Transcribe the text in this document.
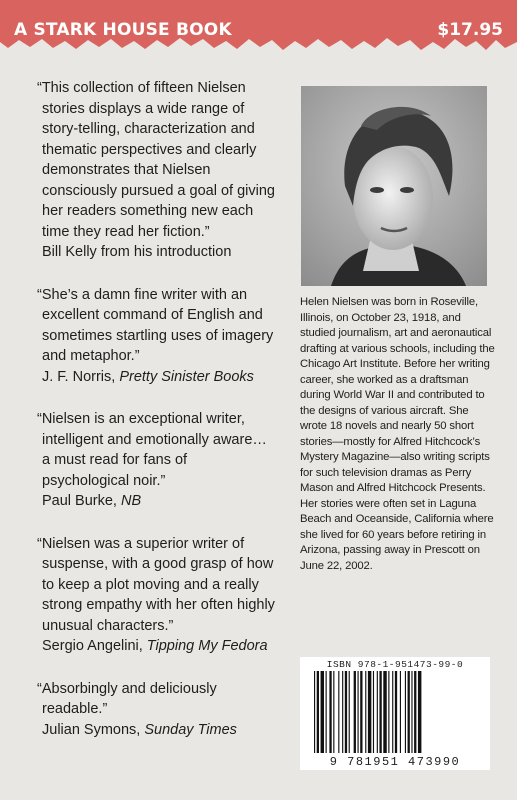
A STARK HOUSE BOOK	$17.95
“This collection of fifteen Nielsen stories displays a wide range of story-telling, characterization and thematic perspectives and clearly demonstrates that Nielsen consciously pursued a goal of giving her readers something new each time they read her fiction.”
Bill Kelly from his introduction
“She’s a damn fine writer with an excellent command of English and sometimes startling uses of imagery and metaphor.”
J. F. Norris, Pretty Sinister Books
“Nielsen is an exceptional writer, intelligent and emotionally aware… a must read for fans of psychological noir.”
Paul Burke, NB
“Nielsen was a superior writer of suspense, with a good grasp of how to keep a plot moving and a really strong empathy with her often highly unusual characters.”
Sergio Angelini, Tipping My Fedora
“Absorbingly and deliciously readable.”
Julian Symons, Sunday Times
Helen Nielsen was born in Roseville, Illinois, on October 23, 1918, and studied journalism, art and aeronautical drafting at various schools, including the Chicago Art Institute. Before her writing career, she worked as a draftsman during World War II and contributed to the designs of various aircraft. She wrote 18 novels and nearly 50 short stories—mostly for Alfred Hitchcock’s Mystery Magazine—also writing scripts for such television dramas as Perry Mason and Alfred Hitchcock Presents. Her stories were often set in Laguna Beach and Oceanside, California where she lived for 60 years before retiring in Arizona, passing away in Prescott on June 22, 2002.
ISBN 978-1-951473-99-0
9 781951 473990
